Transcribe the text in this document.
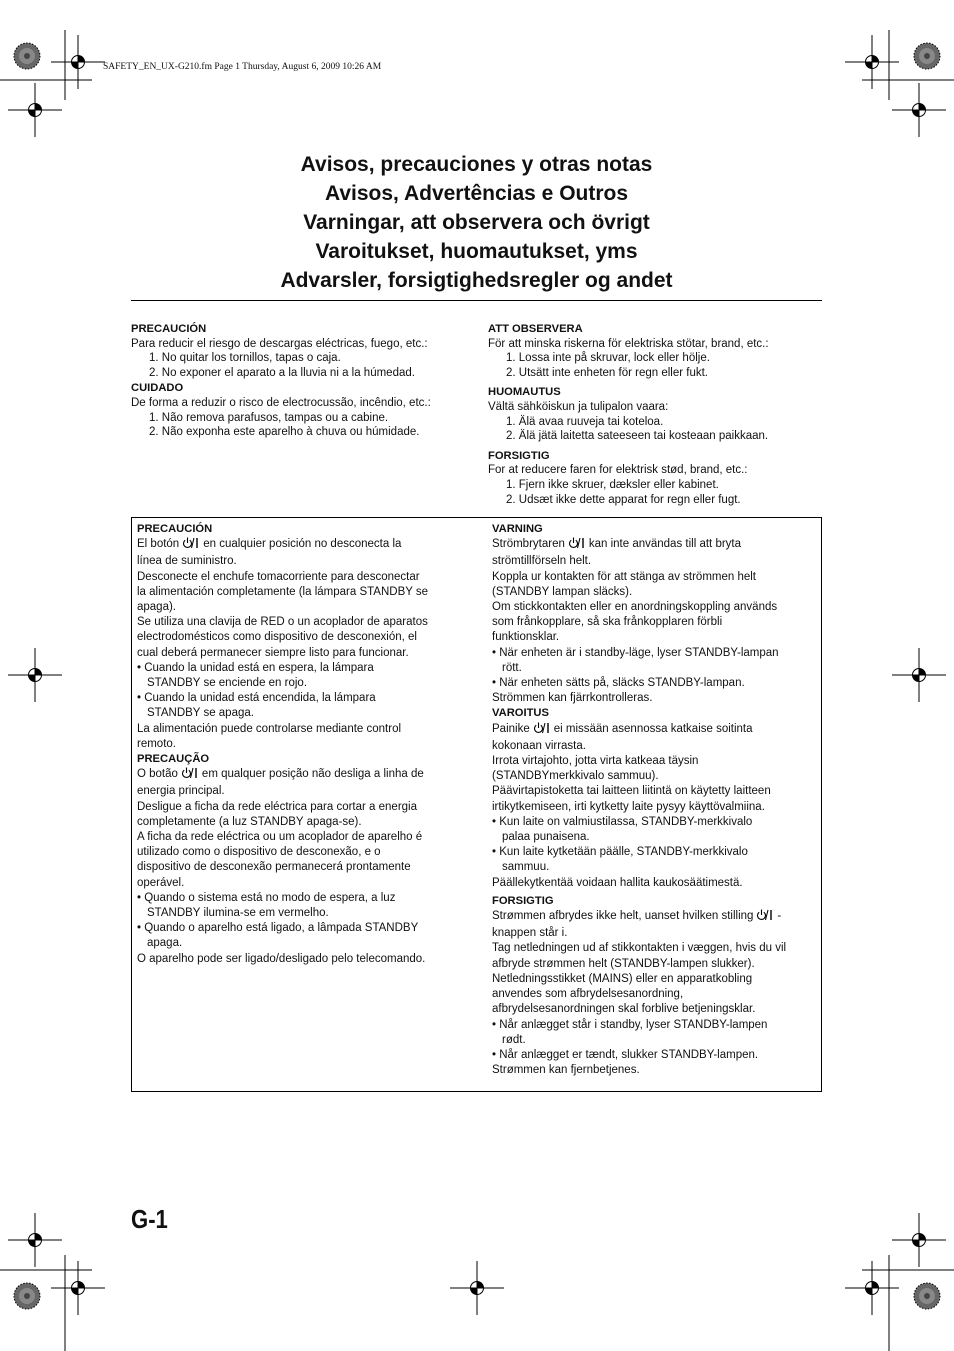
SAFETY_EN_UX-G210.fm Page 1 Thursday, August 6, 2009 10:26 AM
Avisos, precauciones y otras notas
Avisos, Advertências e Outros
Varningar, att observera och övrigt
Varoitukset, huomautukset, yms
Advarsler, forsigtighedsregler og andet
PRECAUCIÓN
Para reducir el riesgo de descargas eléctricas, fuego, etc.:
1. No quitar los tornillos, tapas o caja.
2. No exponer el aparato a la lluvia ni a la húmedad.
CUIDADO
De forma a reduzir o risco de electrocussão, incêndio, etc.:
1. Não remova parafusos, tampas ou a cabine.
2. Não exponha este aparelho à chuva ou húmidade.
ATT OBSERVERA
För att minska riskerna för elektriska stötar, brand, etc.:
1. Lossa inte på skruvar, lock eller hölje.
2. Utsätt inte enheten för regn eller fukt.
HUOMAUTUS
Vältä sähköiskun ja tulipalon vaara:
1. Älä avaa ruuveja tai koteloa.
2. Älä jätä laitetta sateeseen tai kosteaan paikkaan.
FORSIGTIG
For at reducere faren for elektrisk stød, brand, etc.:
1. Fjern ikke skruer, dæksler eller kabinet.
2. Udsæt ikke dette apparat for regn eller fugt.
PRECAUCIÓN
El botón en cualquier posición no desconecta la
línea de suministro.
Desconecte el enchufe tomacorriente para desconectar
la alimentación completamente (la lámpara STANDBY se
apaga).
Se utiliza una clavija de RED o un acoplador de aparatos
electrodomésticos como dispositivo de desconexión, el
cual deberá permanecer siempre listo para funcionar.
• Cuando la unidad está en espera, la lámpara
STANDBY se enciende en rojo.
• Cuando la unidad está encendida, la lámpara
STANDBY se apaga.
La alimentación puede controlarse mediante control
remoto.
PRECAUÇÃO
O botão em qualquer posição não desliga a linha de
energia principal.
Desligue a ficha da rede eléctrica para cortar a energia
completamente (a luz STANDBY apaga-se).
A ficha da rede eléctrica ou um acoplador de aparelho é
utilizado como o dispositivo de desconexão, e o
dispositivo de desconexão permanecerá prontamente
operável.
• Quando o sistema está no modo de espera, a luz
STANDBY ilumina-se em vermelho.
• Quando o aparelho está ligado, a lâmpada STANDBY
apaga.
O aparelho pode ser ligado/desligado pelo telecomando.
VARNING
Strömbrytaren kan inte användas till att bryta
strömtillförseln helt.
Koppla ur kontakten för att stänga av strömmen helt
(STANDBY lampan släcks).
Om stickkontakten eller en anordningskoppling används
som frånkopplare, så ska frånkopplaren förbli
funktionsklar.
• När enheten är i standby-läge, lyser STANDBY-lampan
rött.
• När enheten sätts på, släcks STANDBY-lampan.
Strömmen kan fjärrkontrolleras.
VAROITUS
Painike ei missään asennossa katkaise soitinta
kokonaan virrasta.
Irrota virtajohto, jotta virta katkeaa täysin
(STANDBYmerkkivalo sammuu).
Päävirtapistoketta tai laitteen liitintä on käytetty laitteen
irtikytkemiseen, irti kytketty laite pysyy käyttövalmiina.
• Kun laite on valmiustilassa, STANDBY-merkkivalo
palaa punaisena.
• Kun laite kytketään päälle, STANDBY-merkkivalo
sammuu.
Päällekytkentää voidaan hallita kaukosäätimestä.
FORSIGTIG
Strømmen afbrydes ikke helt, uanset hvilken stilling -
knappen står i.
Tag netledningen ud af stikkontakten i væggen, hvis du vil
afbryde strømmen helt (STANDBY-lampen slukker).
Netledningsstikket (MAINS) eller en apparatkobling
anvendes som afbrydelsesanordning,
afbrydelsesanordningen skal forblive betjeningsklar.
• Når anlægget står i standby, lyser STANDBY-lampen
rødt.
• Når anlægget er tændt, slukker STANDBY-lampen.
Strømmen kan fjernbetjenes.
G-1
